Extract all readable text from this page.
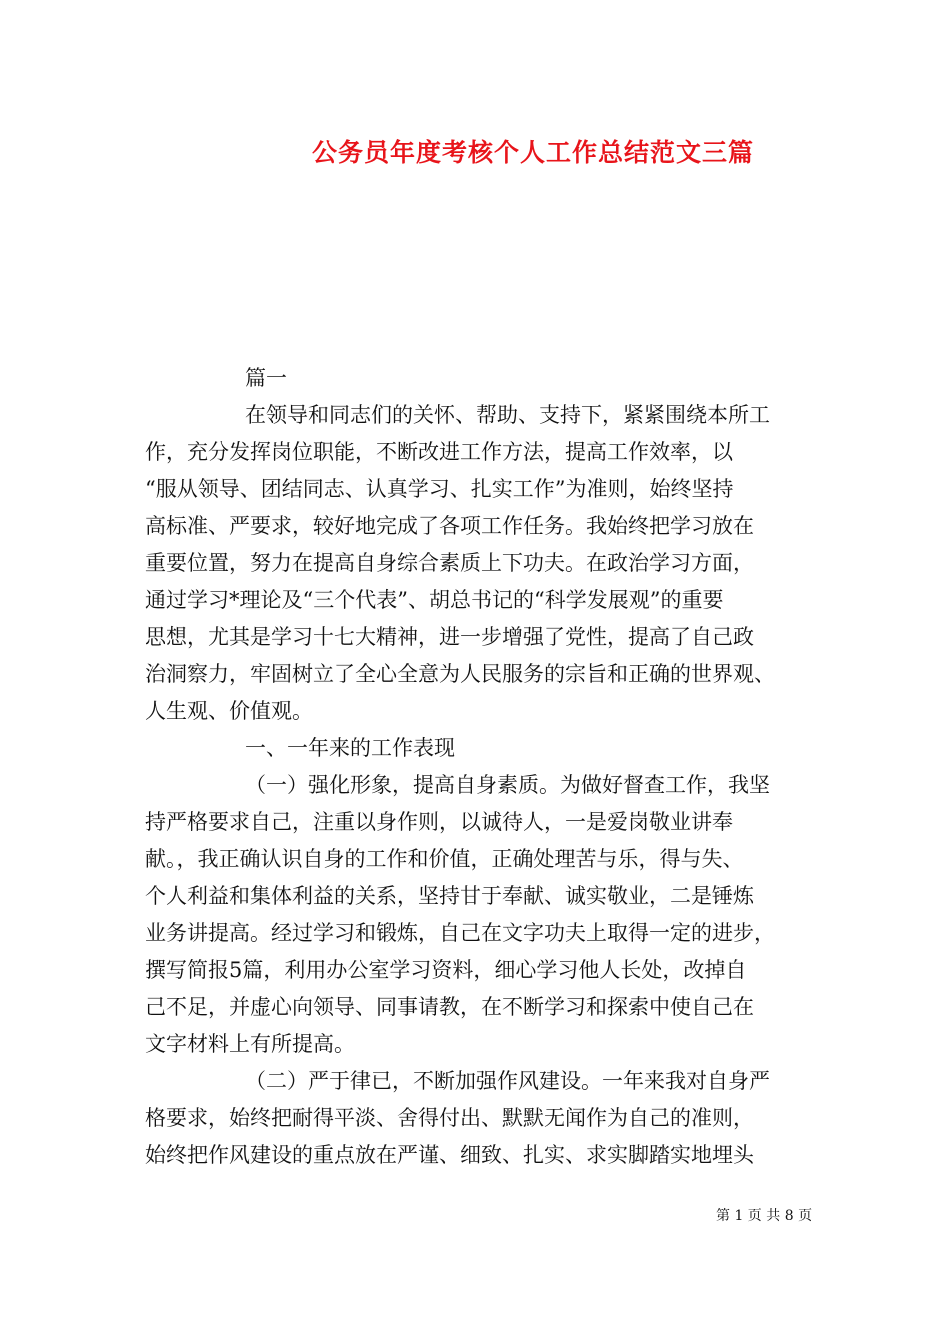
公务员年度考核个人工作总结范文三篇
篇一
在领导和同志们的关怀、帮助、支持下，紧紧围绕本所工
作，充分发挥岗位职能，不断改进工作方法，提高工作效率，以
“服从领导、团结同志、认真学习、扎实工作”为准则，始终坚持
高标准、严要求，较好地完成了各项工作任务。我始终把学习放在
重要位置，努力在提高自身综合素质上下功夫。在政治学习方面，
通过学习*理论及“三个代表”、胡总书记的“科学发展观”的重要
思想，尤其是学习十七大精神，进一步增强了党性，提高了自己政
治洞察力，牢固树立了全心全意为人民服务的宗旨和正确的世界观、
人生观、价值观。
一、一年来的工作表现
（一）强化形象，提高自身素质。为做好督查工作，我坚
持严格要求自己，注重以身作则，以诚待人，一是爱岗敬业讲奉
献。，我正确认识自身的工作和价值，正确处理苦与乐，得与失、
个人利益和集体利益的关系，坚持甘于奉献、诚实敬业，二是锤炼
业务讲提高。经过学习和锻炼，自己在文字功夫上取得一定的进步，
撰写简报5篇，利用办公室学习资料，细心学习他人长处，改掉自
己不足，并虚心向领导、同事请教，在不断学习和探索中使自己在
文字材料上有所提高。
（二）严于律已，不断加强作风建设。一年来我对自身严
格要求，始终把耐得平淡、舍得付出、默默无闻作为自己的准则，
始终把作风建设的重点放在严谨、细致、扎实、求实脚踏实地埋头
第 1 页 共 8 页
